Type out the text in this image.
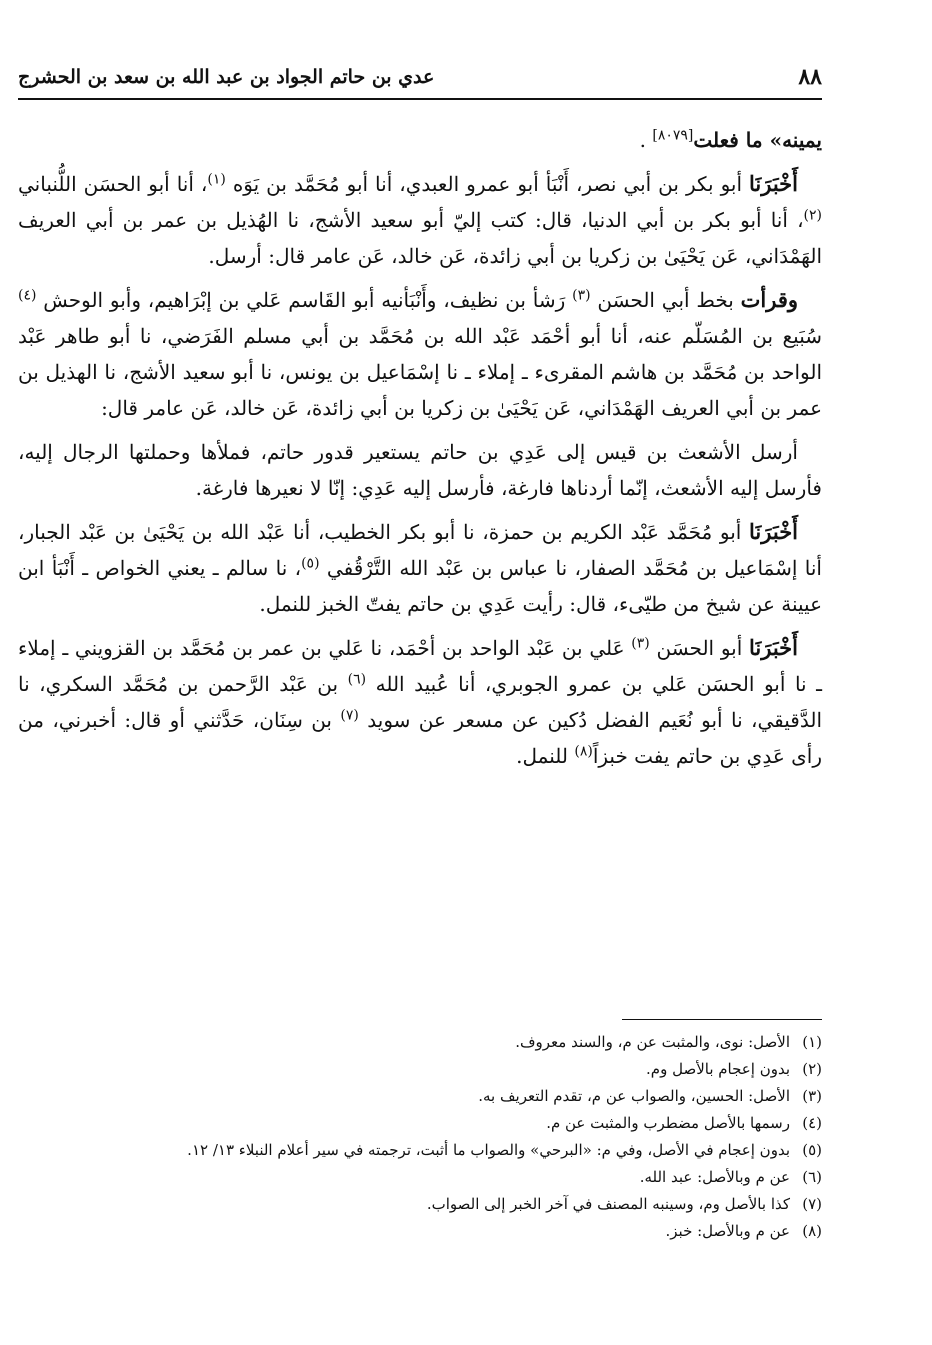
٨٨
عدي بن حاتم الجواد بن عبد الله بن سعد بن الحشرج

يمينه» ما فعلت[٨٠٧٩] .

أَخْبَرَنَا أبو بكر بن أبي نصر، أَنْبَأ أبو عمرو العبدي، أنا أبو مُحَمَّد بن يَوَه $^{(١)}$، أنا أبو الحسَن اللُّنباني $^{(٢)}$، أنا أبو بكر بن أبي الدنيا، قال: كتب إليّ أبو سعيد الأشج، نا الهُذيل بن عمر بن أبي العريف الهَمْدَاني، عَن يَحْيَىٰ بن زكريا بن أبي زائدة، عَن خالد، عَن عامر قال: أرسل.

وقرأت بخط أبي الحسَن $^{(٣)}$ رَشأ بن نظيف، وأَنْبَأنيه أبو القَاسم عَلي بن إبْرَاهيم، وأبو الوحش $^{(٤)}$ سُبَيع بن المُسَلّم عنه، أنا أبو أحْمَد عَبْد الله بن مُحَمَّد بن أبي مسلم الفَرَضي، نا أبو طاهر عَبْد الواحد بن مُحَمَّد بن هاشم المقرىء ـ إملاء ـ نا إسْمَاعيل بن يونس، نا أبو سعيد الأشج، نا الهذيل بن عمر بن أبي العريف الهَمْدَاني، عَن يَحْيَىٰ بن زكريا بن أبي زائدة، عَن خالد، عَن عامر قال:

أرسل الأشعث بن قيس إلى عَدِي بن حاتم يستعير قدور حاتم، فملأها وحملتها الرجال إليه، فأرسل إليه الأشعث، إنّما أردناها فارغة، فأرسل إليه عَدِي: إنّا لا نعيرها فارغة.

أَخْبَرَنَا أبو مُحَمَّد عَبْد الكريم بن حمزة، نا أبو بكر الخطيب، أنا عَبْد الله بن يَحْيَىٰ بن عَبْد الجبار، أنا إسْمَاعيل بن مُحَمَّد الصفار، نا عباس بن عَبْد الله التَّرْقُفي $^{(٥)}$، نا سالم ـ يعني الخواص ـ أَنْبَأ ابن عيينة عن شيخ من طيّىء، قال: رأيت عَدِي بن حاتم يفتّ الخبز للنمل.

أَخْبَرَنَا أبو الحسَن $^{(٣)}$ عَلي بن عَبْد الواحد بن أحْمَد، نا عَلي بن عمر بن مُحَمَّد بن القزويني ـ إملاء ـ نا أبو الحسَن عَلي بن عمرو الجوبري، أنا عُبيد الله $^{(٦)}$ بن عَبْد الرَّحمن بن مُحَمَّد السكري، نا الدَّقيقي، نا أبو نُعَيم الفضل دُكين عن مسعر عن سويد $^{(٧)}$ بن سِنَان، حَدَّثني أو قال: أخبرني، من رأى عَدِي بن حاتم يفت خبزاً$^{(٨)}$ للنمل.

(١)
الأصل: نوى، والمثبت عن م، والسند معروف.
(٢)
بدون إعجام بالأصل وم.
(٣)
الأصل: الحسين، والصواب عن م، تقدم التعريف به.
(٤)
رسمها بالأصل مضطرب والمثبت عن م.
(٥)
بدون إعجام في الأصل، وفي م: «البرحي» والصواب ما أثبت، ترجمته في سير أعلام النبلاء ١٣/ ١٢.
(٦)
عن م وبالأصل: عبد الله.
(٧)
كذا بالأصل وم، وسينبه المصنف في آخر الخبر إلى الصواب.
(٨)
عن م وبالأصل: خبز.
